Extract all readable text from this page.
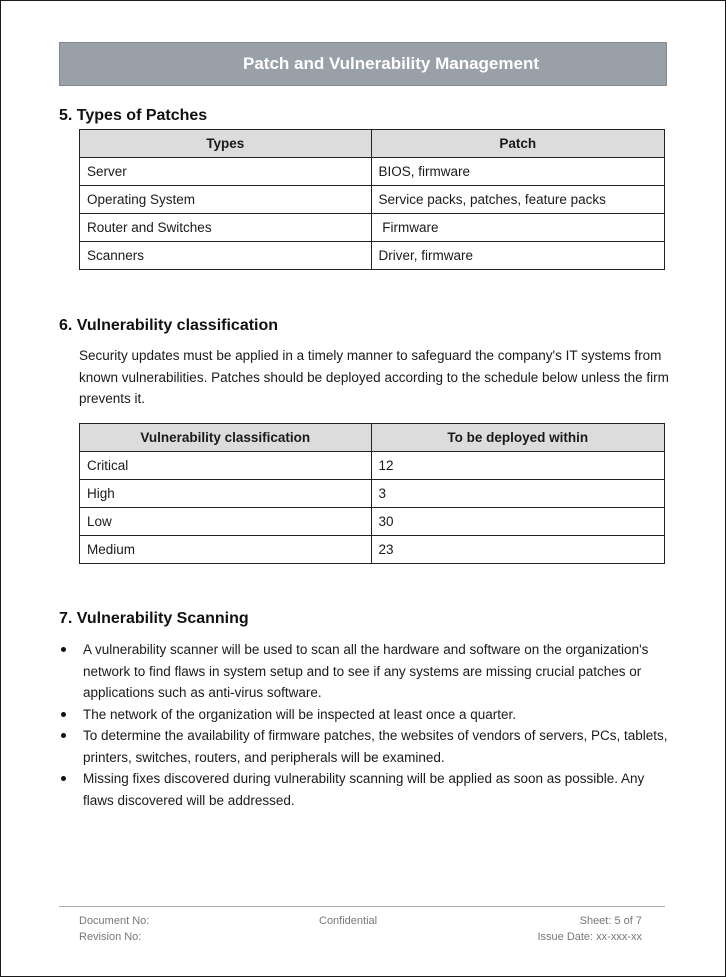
Patch and Vulnerability Management
5. Types of Patches
Types	Patch
Server	BIOS, firmware
Operating System	Service packs, patches, feature packs
Router and Switches	Firmware
Scanners	Driver, firmware
6. Vulnerability classification

Security updates must be applied in a timely manner to safeguard the company's IT systems from known vulnerabilities. Patches should be deployed according to the schedule below unless the firm prevents it.

Vulnerability classification	To be deployed within
Critical	12
High	3
Low	30
Medium	23
7. Vulnerability Scanning
A vulnerability scanner will be used to scan all the hardware and software on the organization's network to find flaws in system setup and to see if any systems are missing crucial patches or applications such as anti-virus software.
The network of the organization will be inspected at least once a quarter.
To determine the availability of firmware patches, the websites of vendors of servers, PCs, tablets, printers, switches, routers, and peripherals will be examined.
Missing fixes discovered during vulnerability scanning will be applied as soon as possible. Any flaws discovered will be addressed.
Document No:
Revision No:
Confidential	Sheet: 5 of 7
Issue Date: xx-xxx-xx
